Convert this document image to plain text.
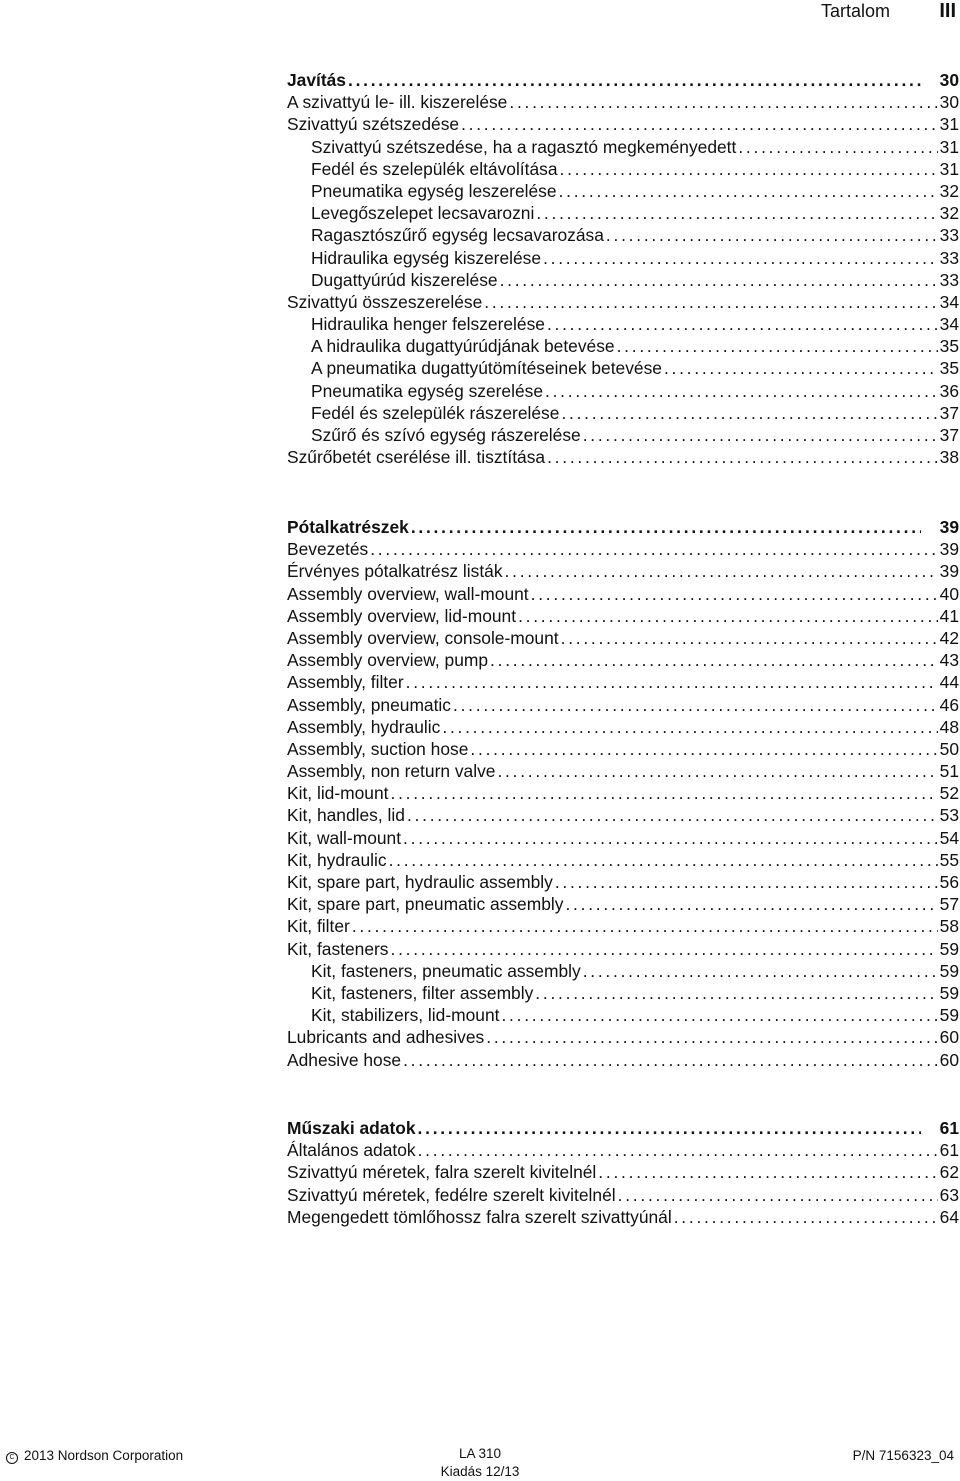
Tartalom III
Javítás .....	30
A szivattyú le- ill. kiszerelése .....	30
Szivattyú szétszedése .....	31
Szivattyú szétszedése, ha a ragasztó megkeményedett .....	31
Fedél és szelepülék eltávolítása .....	31
Pneumatika egység leszerelése .....	32
Levegőszelepet lecsavarozni .....	32
Ragasztószűrő egység lecsavarozása .....	33
Hidraulika egység kiszerelése .....	33
Dugattyúrúd kiszerelése .....	33
Szivattyú összeszerelése .....	34
Hidraulika henger felszerelése .....	34
A hidraulika dugattyúrúdjának betevése .....	35
A pneumatika dugattyútömítéseinek betevése .....	35
Pneumatika egység szerelése .....	36
Fedél és szelepülék rászerelése .....	37
Szűrő és szívó egység rászerelése .....	37
Szűrőbetét cserélése ill. tisztítása .....	38
Pótalkatrészek .....	39
Bevezetés .....	39
Érvényes pótalkatrész listák .....	39
Assembly overview, wall-mount .....	40
Assembly overview, lid-mount .....	41
Assembly overview, console-mount .....	42
Assembly overview, pump .....	43
Assembly, filter .....	44
Assembly, pneumatic .....	46
Assembly, hydraulic .....	48
Assembly, suction hose .....	50
Assembly, non return valve .....	51
Kit, lid-mount .....	52
Kit, handles, lid .....	53
Kit, wall-mount .....	54
Kit, hydraulic .....	55
Kit, spare part, hydraulic assembly .....	56
Kit, spare part, pneumatic assembly .....	57
Kit, filter .....	58
Kit, fasteners .....	59
Kit, fasteners, pneumatic assembly .....	59
Kit, fasteners, filter assembly .....	59
Kit, stabilizers, lid-mount .....	59
Lubricants and adhesives .....	60
Adhesive hose .....	60
Műszaki adatok .....	61
Általános adatok .....	61
Szivattyú méretek, falra szerelt kivitelnél .....	62
Szivattyú méretek, fedélre szerelt kivitelnél .....	63
Megengedett tömlőhossz falra szerelt szivattyúnál .....	64
C 2013 Nordson Corporation	LA 310
Kiadás 12/13
P/N 7156323_04
